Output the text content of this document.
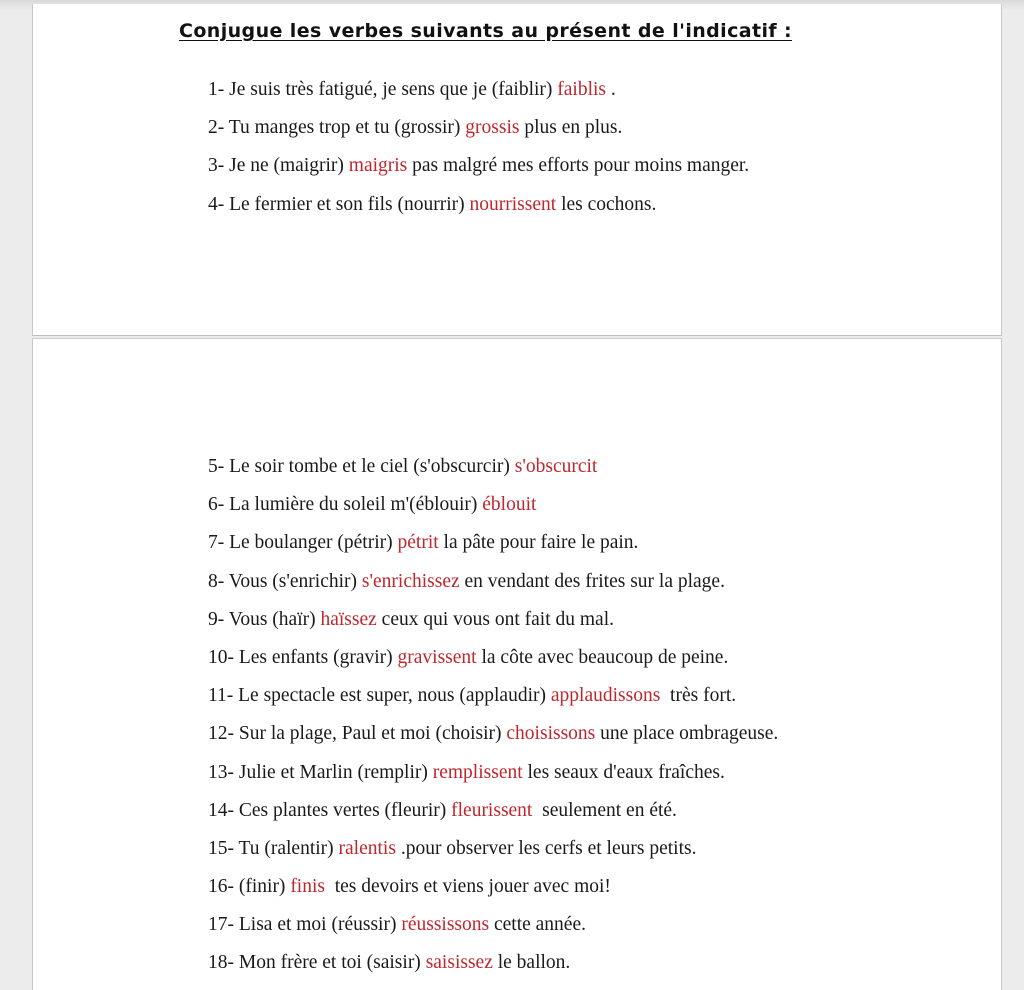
Conjugue les verbes suivants au présent de l'indicatif :
1- Je suis très fatigué, je sens que je (faiblir) faiblis .
2- Tu manges trop et tu (grossir) grossis plus en plus.
3- Je ne (maigrir) maigris pas malgré mes efforts pour moins manger.
4- Le fermier et son fils (nourrir) nourrissent les cochons.
5- Le soir tombe et le ciel (s'obscurcir) s'obscurcit
6- La lumière du soleil m'(éblouir) éblouit
7- Le boulanger (pétrir) pétrit la pâte pour faire le pain.
8- Vous (s'enrichir) s'enrichissez en vendant des frites sur la plage.
9- Vous (haïr) haïssez ceux qui vous ont fait du mal.
10- Les enfants (gravir) gravissent la côte avec beaucoup de peine.
11- Le spectacle est super, nous (applaudir) applaudissons  très fort.
12- Sur la plage, Paul et moi (choisir) choisissons une place ombrageuse.
13- Julie et Marlin (remplir) remplissent les seaux d'eaux fraîches.
14- Ces plantes vertes (fleurir) fleurissent  seulement en été.
15- Tu (ralentir) ralentis .pour observer les cerfs et leurs petits.
16- (finir) finis  tes devoirs et viens jouer avec moi!
17- Lisa et moi (réussir) réussissons cette année.
18- Mon frère et toi (saisir) saisissez le ballon.
